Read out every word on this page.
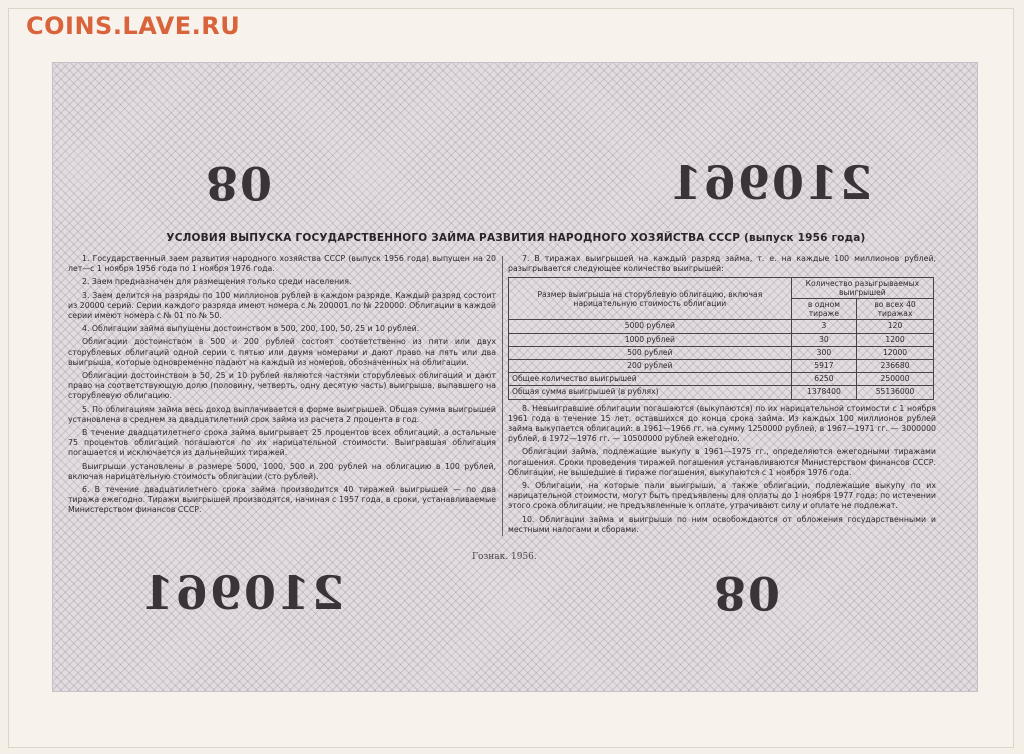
COINS.LAVE.RU
08	210961
210961	08
УСЛОВИЯ ВЫПУСКА ГОСУДАРСТВЕННОГО ЗАЙМА РАЗВИТИЯ НАРОДНОГО ХОЗЯЙСТВА СССР (выпуск 1956 года)

1. Государственный заем развития народного хозяйства СССР (выпуск 1956 года) выпущен на 20 лет—с 1 ноября 1956 года по 1 ноября 1976 года.

2. Заем предназначен для размещения только среди населения.

3. Заем делится на разряды по 100 миллионов рублей в каждом разряде. Каждый разряд состоит из 20000 серий. Серии каждого разряда имеют номера с № 200001 по № 220000. Облигации в каждой серии имеют номера с № 01 по № 50.

4. Облигации займа выпущены достоинством в 500, 200, 100, 50, 25 и 10 рублей.

Облигации достоинством в 500 и 200 рублей состоят соответственно из пяти или двух сторублевых облигаций одной серии с пятью или двумя номерами и дают право на пять или два выигрыша, которые одновременно падают на каждый из номеров, обозначенных на облигации.

Облигации достоинством в 50, 25 и 10 рублей являются частями сторублевых облигаций и дают право на соответствующую долю (половину, четверть, одну десятую часть) выигрыша, выпавшего на сторублевую облигацию.

5. По облигациям займа весь доход выплачивается в форме выигрышей. Общая сумма выигрышей установлена в среднем за двадцатилетний срок займа из расчета 2 процента в год.

В течение двадцатилетнего срока займа выигрывает 25 процентов всех облигаций, а остальные 75 процентов облигаций погашаются по их нарицательной стоимости. Выигравшая облигация погашается и исключается из дальнейших тиражей.

Выигрыши установлены в размере 5000, 1000, 500 и 200 рублей на облигацию в 100 рублей, включая нарицательную стоимость облигации (сто рублей).

6. В течение двадцатилетнего срока займа производится 40 тиражей выигрышей — по два тиража ежегодно. Тиражи выигрышей производятся, начиная с 1957 года, в сроки, устанавливаемые Министерством финансов СССР.

7. В тиражах выигрышей на каждый разряд займа, т. е. на каждые 100 миллионов рублей, разыгрывается следующее количество выигрышей:

Размер выигрыша на сторублевую облигацию, включая нарицательную стоимость облигации	Количество разыгрываемых выигрышей	
	в одном тираже	во всех 40 тиражах
5000 рублей	3	120
1000 рублей	30	1200
500 рублей	300	12000
200 рублей	5917	236680
Общее количество выигрышей	6250	250000
Общая сумма выигрышей (в рублях)	1378400	55136000

8. Невыигравшие облигации погашаются (выкупаются) по их нарицательной стоимости с 1 ноября 1961 года в течение 15 лет, оставшихся до конца срока займа. Из каждых 100 миллионов рублей займа выкупается облигаций: в 1961—1966 гг. на сумму 1250000 рублей, в 1967—1971 гг. — 3000000 рублей, в 1972—1976 гг. — 10500000 рублей ежегодно.

Облигации займа, подлежащие выкупу в 1961—1975 гг., определяются ежегодными тиражами погашения. Сроки проведения тиражей погашения устанавливаются Министерством финансов СССР. Облигации, не вышедшие в тираже погашения, выкупаются с 1 ноября 1976 года.

9. Облигации, на которые пали выигрыши, а также облигации, подлежащие выкупу по их нарицательной стоимости, могут быть предъявлены для оплаты до 1 ноября 1977 года; по истечении этого срока облигации, не предъявленные к оплате, утрачивают силу и оплате не подлежат.

10. Облигации займа и выигрыши по ним освобождаются от обложения государственными и местными налогами и сборами.

Гознак. 1956.
